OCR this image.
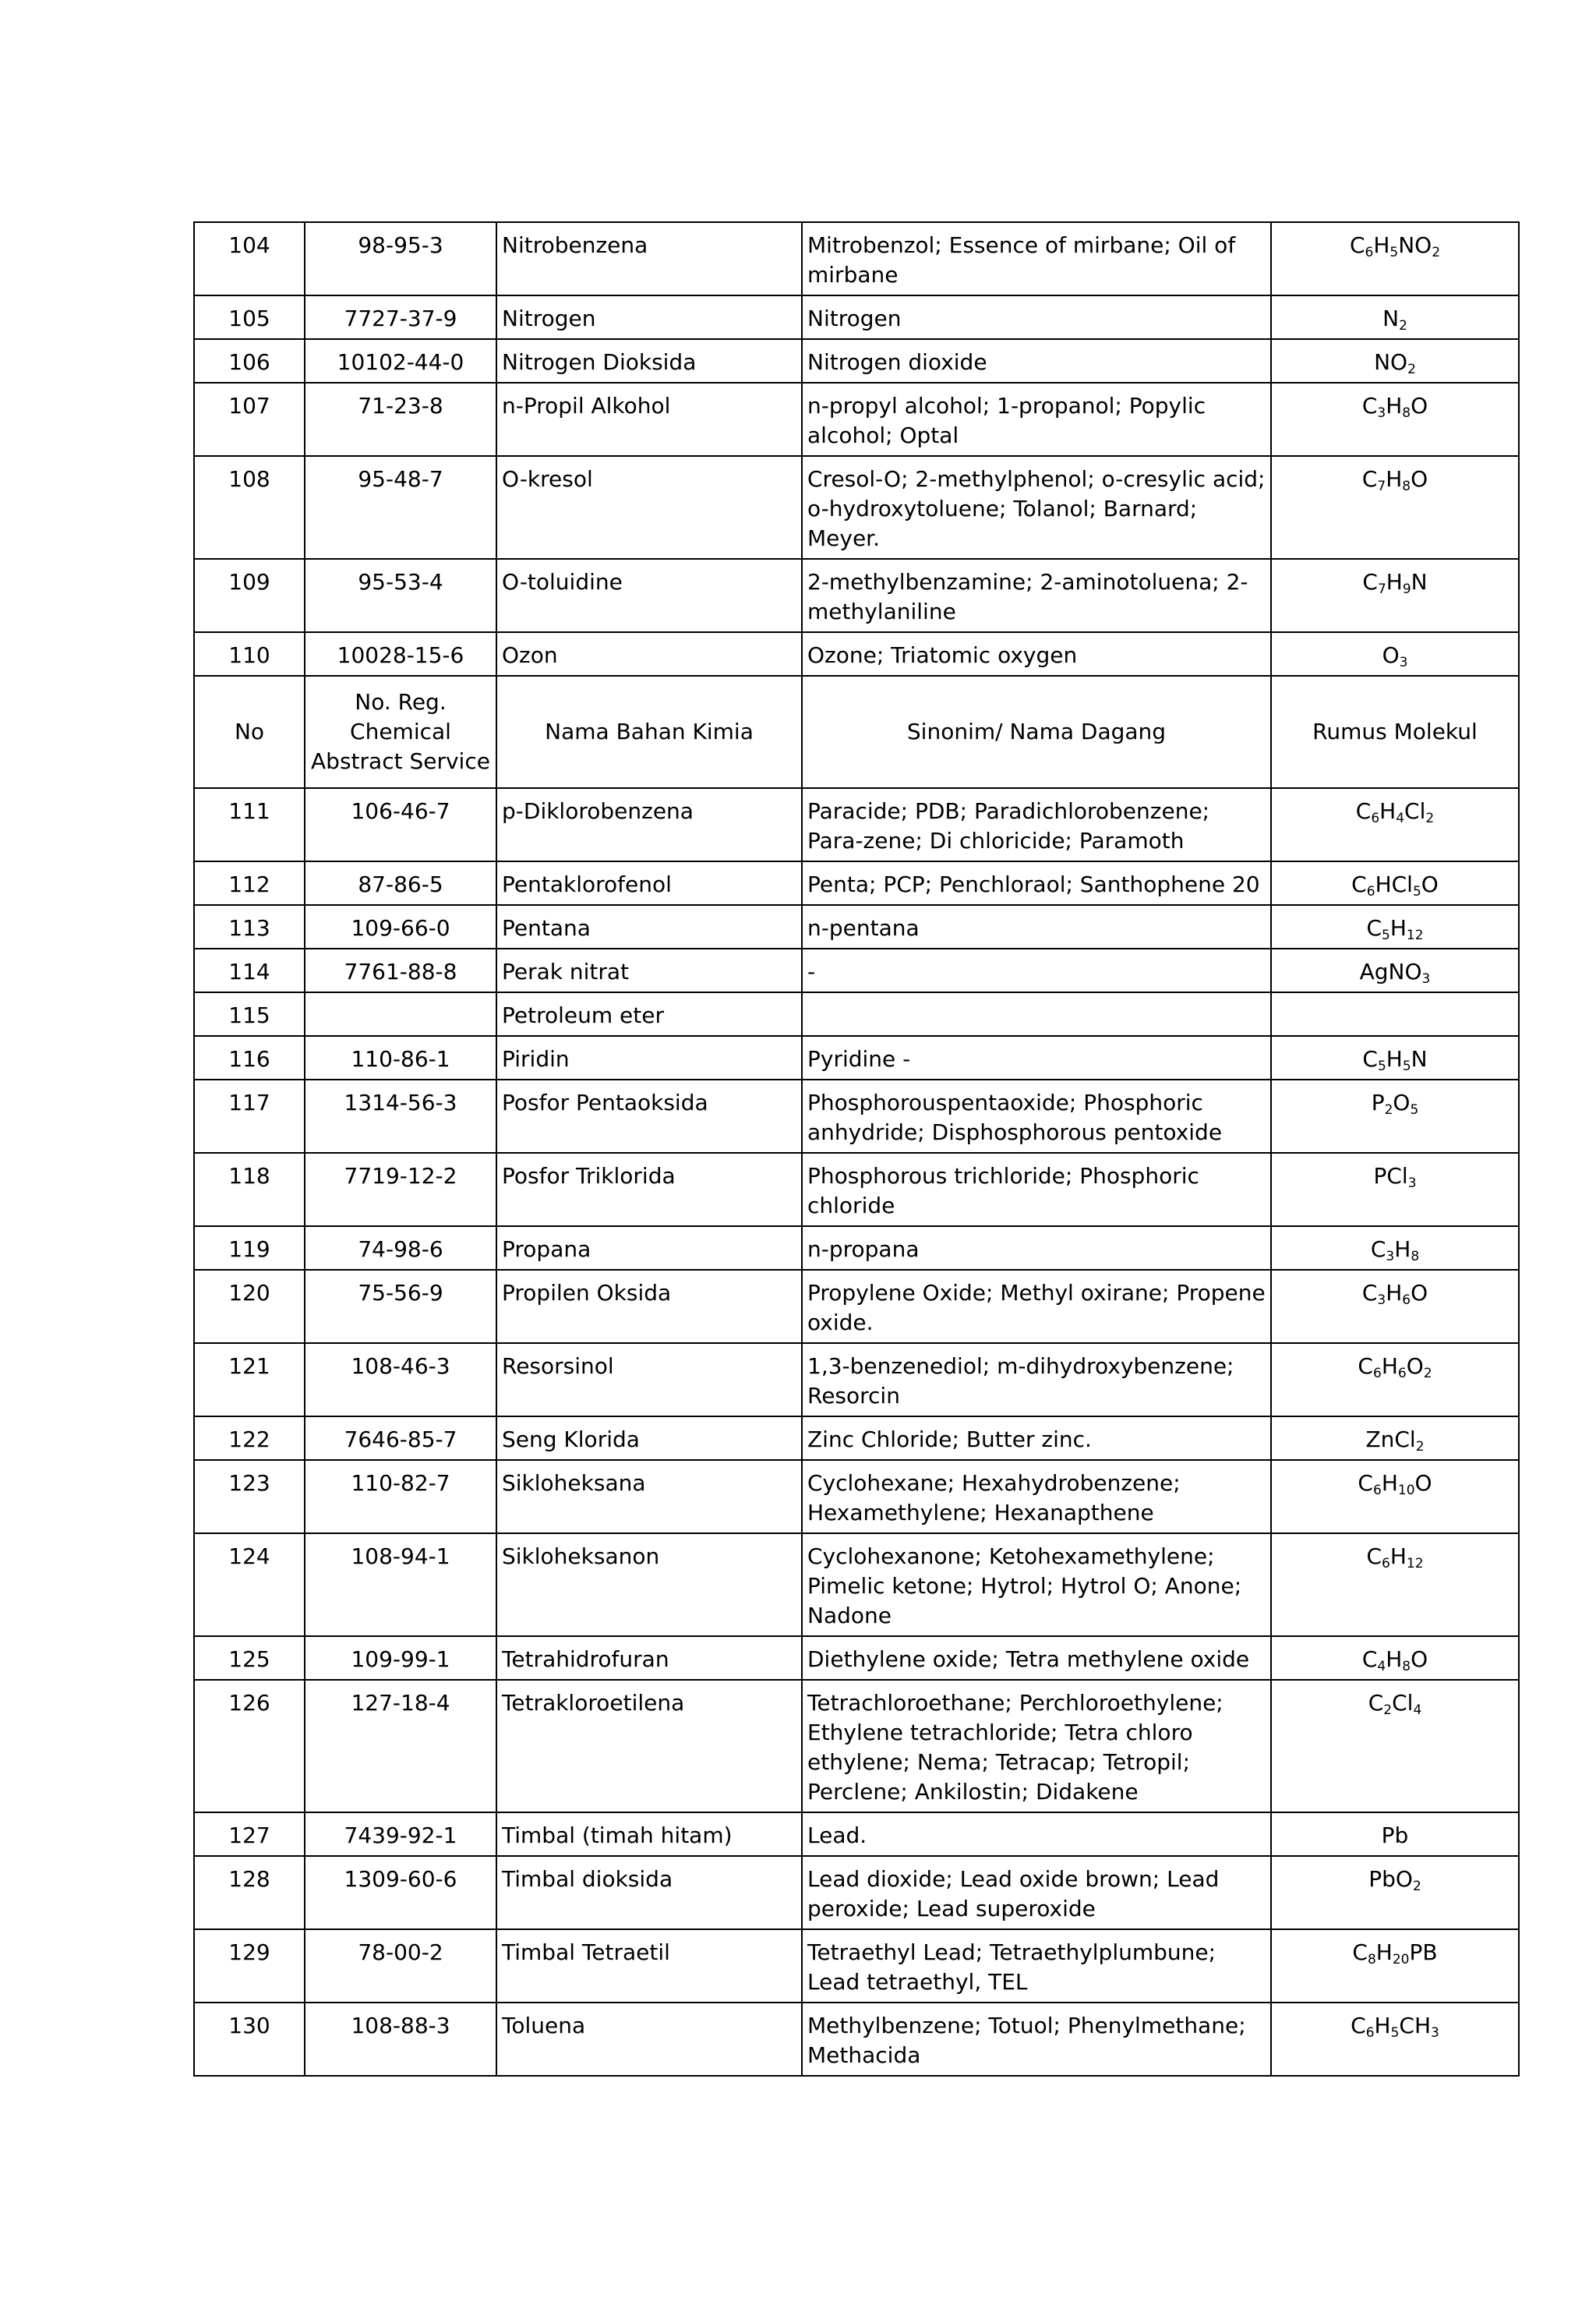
104	98-95-3	Nitrobenzena	Mitrobenzol; Essence of mirbane; Oil of mirbane	$C_6H_5NO_2$
105	7727-37-9	Nitrogen	Nitrogen	$N_2$
106	10102-44-0	Nitrogen Dioksida	Nitrogen dioxide	$NO_2$
107	71-23-8	n-Propil Alkohol	n-propyl alcohol; 1-propanol; Popylic alcohol; Optal	$C_3H_8O$
108	95-48-7	O-kresol	Cresol-O; 2-methylphenol; o-cresylic acid; o-hydroxytoluene; Tolanol; Barnard; Meyer.	$C_7H_8O$
109	95-53-4	O-toluidine	2-methylbenzamine; 2-aminotoluena; 2-methylaniline	$C_7H_9N$
110	10028-15-6	Ozon	Ozone; Triatomic oxygen	$O_3$
No	No. Reg. Chemical Abstract Service	Nama Bahan Kimia	Sinonim/ Nama Dagang	Rumus Molekul
111	106-46-7	p-Diklorobenzena	Paracide; PDB; Paradichlorobenzene; Para-zene; Di chloricide; Paramoth	$C_6H_4Cl_2$
112	87-86-5	Pentaklorofenol	Penta; PCP; Penchloraol; Santhophene 20	$C_6HCl_5O$
113	109-66-0	Pentana	n-pentana	$C_5H_{12}$
114	7761-88-8	Perak nitrat	-	AgNO$_3$
115		Petroleum eter		
116	110-86-1	Piridin	Pyridine -	$C_5H_5N$
117	1314-56-3	Posfor Pentaoksida	Phosphorouspentaoxide; Phosphoric anhydride; Disphosphorous pentoxide	$P_2O_5$
118	7719-12-2	Posfor Triklorida	Phosphorous trichloride; Phosphoric chloride	PCl$_3$
119	74-98-6	Propana	n-propana	$C_3H_8$
120	75-56-9	Propilen Oksida	Propylene Oxide; Methyl oxirane; Propene oxide.	$C_3H_6O$
121	108-46-3	Resorsinol	1,3-benzenediol; m-dihydroxybenzene; Resorcin	$C_6H_6O_2$
122	7646-85-7	Seng Klorida	Zinc Chloride; Butter zinc.	ZnCl$_2$
123	110-82-7	Sikloheksana	Cyclohexane; Hexahydrobenzene; Hexamethylene; Hexanapthene	$C_6H_{10}O$
124	108-94-1	Sikloheksanon	Cyclohexanone; Ketohexamethylene; Pimelic ketone; Hytrol; Hytrol O; Anone; Nadone	$C_6H_{12}$
125	109-99-1	Tetrahidrofuran	Diethylene oxide; Tetra methylene oxide	$C_4H_8O$
126	127-18-4	Tetrakloroetilena	Tetrachloroethane; Perchloroethylene; Ethylene tetrachloride; Tetra chloro ethylene; Nema; Tetracap; Tetropil; Perclene; Ankilostin; Didakene	$C_2Cl_4$
127	7439-92-1	Timbal (timah hitam)	Lead.	Pb
128	1309-60-6	Timbal dioksida	Lead dioxide; Lead oxide brown; Lead peroxide; Lead superoxide	PbO$_2$
129	78-00-2	Timbal Tetraetil	Tetraethyl Lead; Tetraethylplumbune; Lead tetraethyl, TEL	$C_8H_{20}PB$
130	108-88-3	Toluena	Methylbenzene; Totuol; Phenylmethane; Methacida	$C_6H_5CH_3$
